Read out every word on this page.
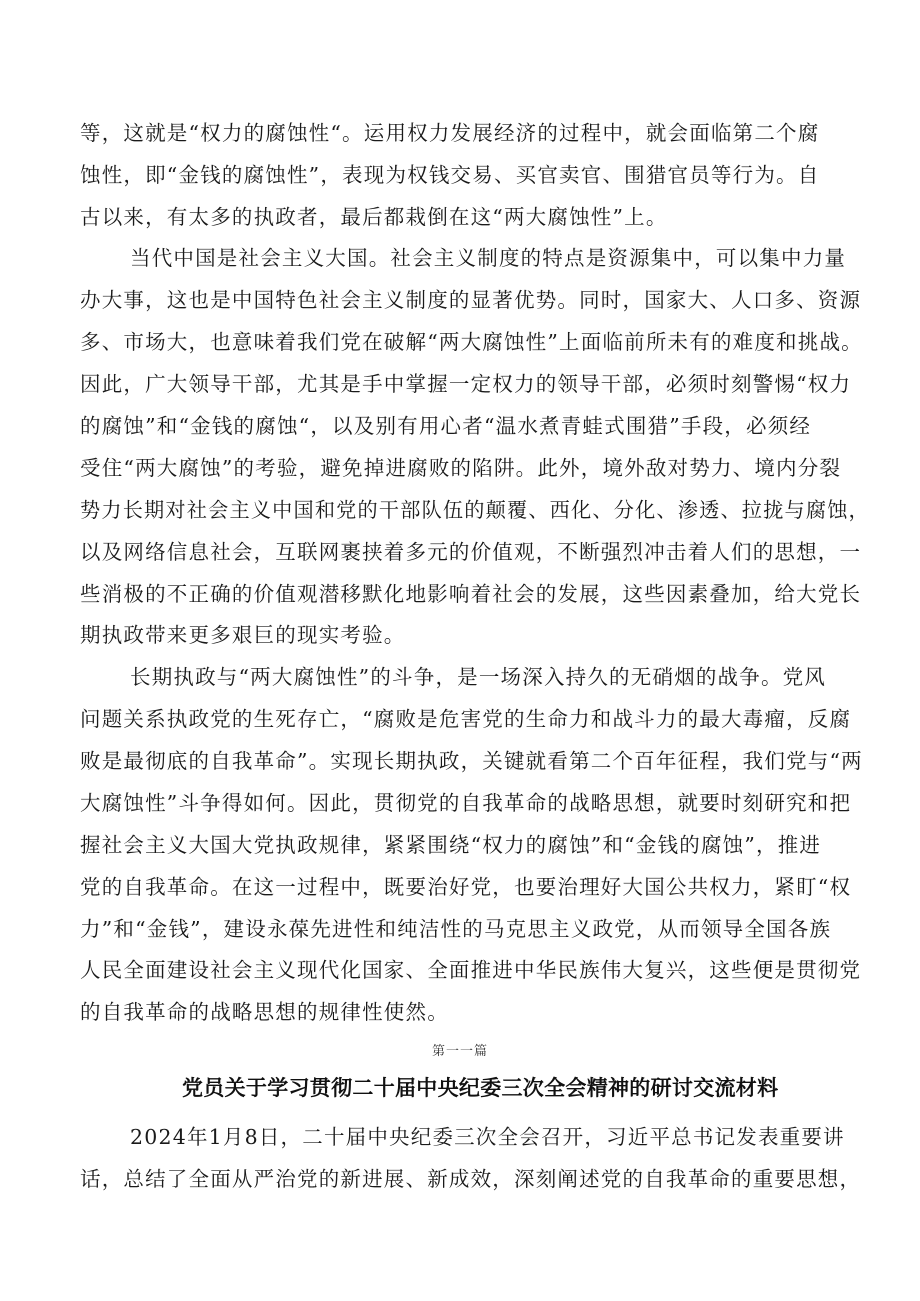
等，这就是“权力的腐蚀性“。运用权力发展经济的过程中，就会面临第二个腐
蚀性，即“金钱的腐蚀性”，表现为权钱交易、买官卖官、围猎官员等行为。自
古以来，有太多的执政者，最后都栽倒在这“两大腐蚀性”上。
当代中国是社会主义大国。社会主义制度的特点是资源集中，可以集中力量
办大事，这也是中国特色社会主义制度的显著优势。同时，国家大、人口多、资源
多、市场大，也意味着我们党在破解“两大腐蚀性”上面临前所未有的难度和挑战。
因此，广大领导干部，尤其是手中掌握一定权力的领导干部，必须时刻警惕“权力
的腐蚀”和“金钱的腐蚀“，以及别有用心者“温水煮青蛙式围猎”手段，必须经
受住“两大腐蚀”的考验，避免掉进腐败的陷阱。此外，境外敌对势力、境内分裂
势力长期对社会主义中国和党的干部队伍的颠覆、西化、分化、渗透、拉拢与腐蚀，
以及网络信息社会，互联网裹挟着多元的价值观，不断强烈冲击着人们的思想，一
些消极的不正确的价值观潜移默化地影响着社会的发展，这些因素叠加，给大党长
期执政带来更多艰巨的现实考验。
长期执政与“两大腐蚀性”的斗争，是一场深入持久的无硝烟的战争。党风
问题关系执政党的生死存亡，“腐败是危害党的生命力和战斗力的最大毒瘤，反腐
败是最彻底的自我革命”。实现长期执政，关键就看第二个百年征程，我们党与“两
大腐蚀性”斗争得如何。因此，贯彻党的自我革命的战略思想，就要时刻研究和把
握社会主义大国大党执政规律，紧紧围绕“权力的腐蚀”和“金钱的腐蚀”，推进
党的自我革命。在这一过程中，既要治好党，也要治理好大国公共权力，紧盯“权
力”和“金钱”，建设永葆先进性和纯洁性的马克思主义政党，从而领导全国各族
人民全面建设社会主义现代化国家、全面推进中华民族伟大复兴，这些便是贯彻党
的自我革命的战略思想的规律性使然。
第一一篇
党员关于学习贯彻二十届中央纪委三次全会精神的研讨交流材料
2024年1月8日，二十届中央纪委三次全会召开，习近平总书记发表重要讲
话，总结了全面从严治党的新进展、新成效，深刻阐述党的自我革命的重要思想，
